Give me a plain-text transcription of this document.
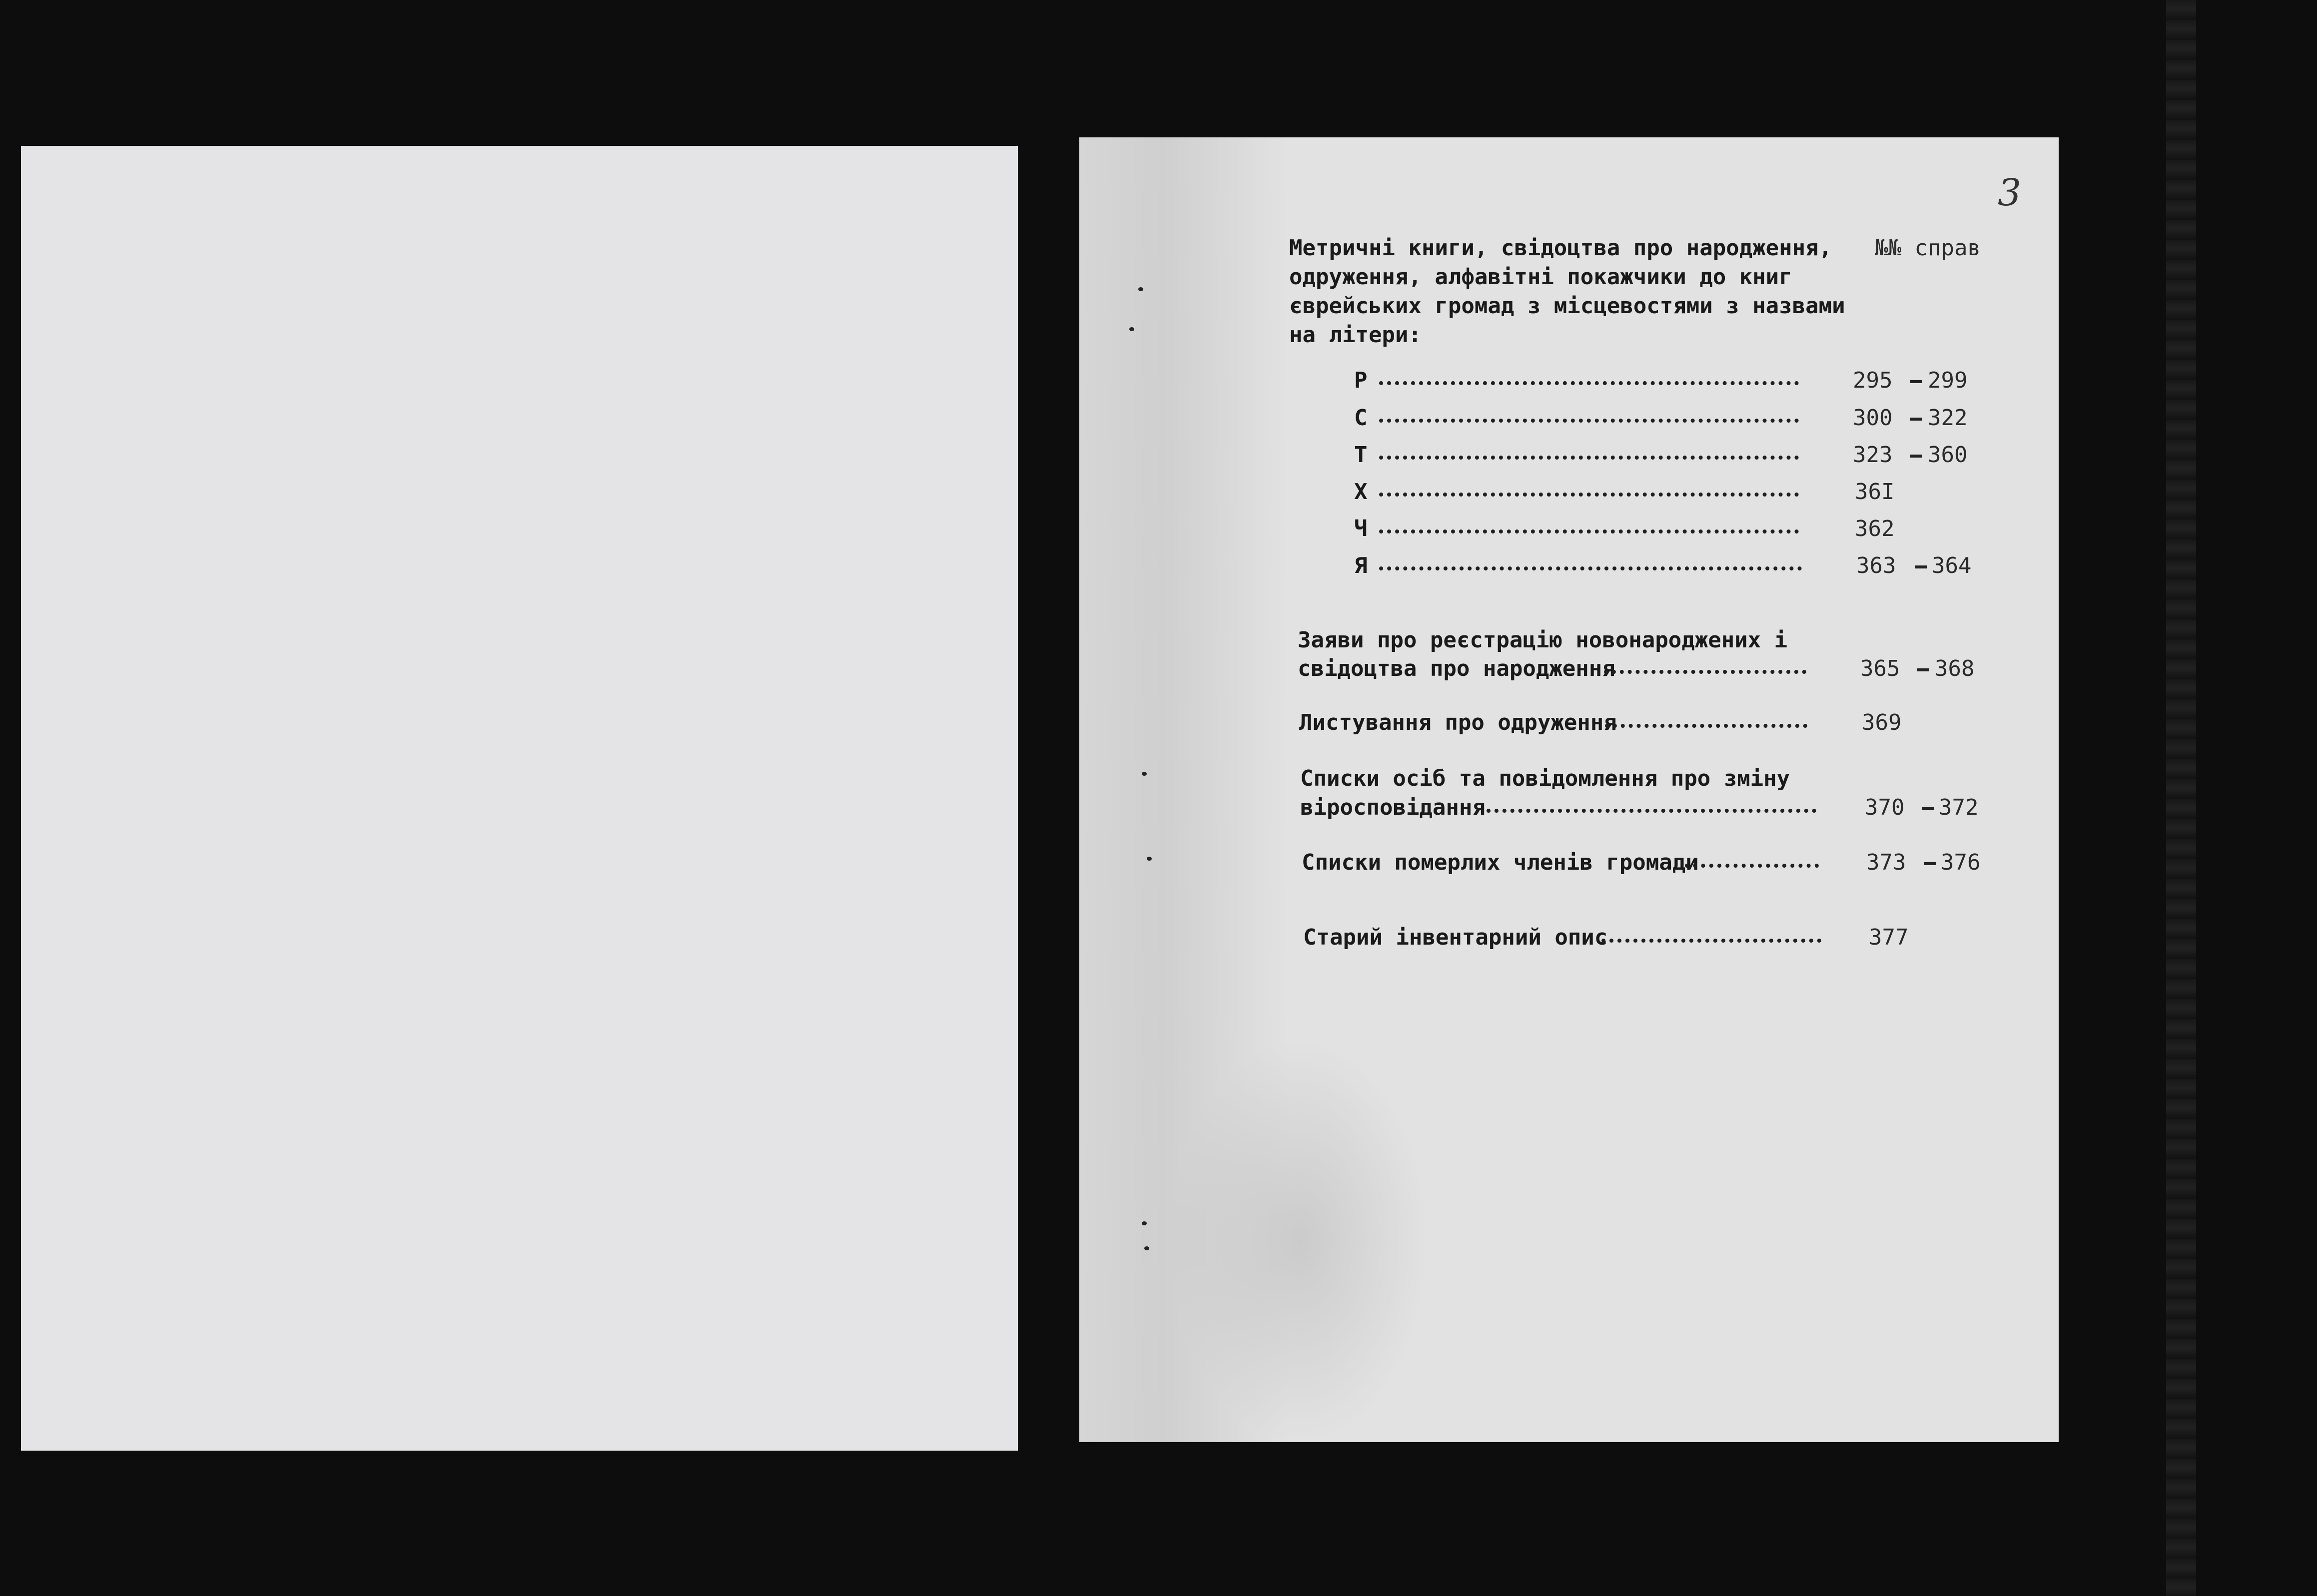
3
Метричні книги, свідоцтва про народження,
одруження, алфавітні покажчики до книг
єврейських громад з місцевостями з назвами
на літери:
№№ справ
Р	295 299
С	300 322
Т	323 360
Х	36I
Ч	362
Я	363 364
Заяви про реєстрацію новонароджених і
свідоцтва про народження	365 368
Листування про одруження	369
Списки осіб та повідомлення про зміну
віросповідання	370 372
Списки померлих членів громади	373 376
Старий інвентарний опис	377
